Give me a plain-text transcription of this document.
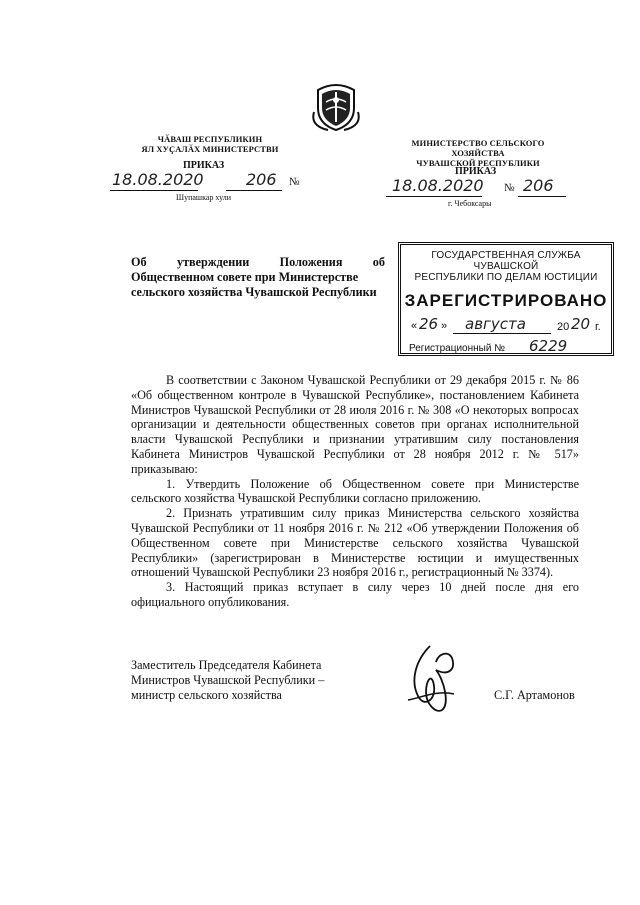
ЧӐВАШ РЕСПУБЛИКИН
ЯЛ ХУҪАЛӐХ МИНИСТЕРСТВИ
МИНИСТЕРСТВО СЕЛЬСКОГО ХОЗЯЙСТВА
ЧУВАШСКОЙ РЕСПУБЛИКИ
ПРИКАЗ
ПРИКАЗ
18.08.2020	206 №
Шупашкар хули
18.08.2020 № 206
г. Чебоксары
Об утверждении Положения об
Общественном совете при Министерстве
сельского хозяйства Чувашской Республики
ГОСУДАРСТВЕННАЯ СЛУЖБА ЧУВАШСКОЙ
РЕСПУБЛИКИ ПО ДЕЛАМ ЮСТИЦИИ
ЗАРЕГИСТРИРОВАНО
« 26 » августа	20 20 г.
Регистрационный № 6229

В соответствии с Законом Чувашской Республики от 29 декабря 2015 г. № 86 «Об общественном контроле в Чувашской Республике», постановлением Кабинета Министров Чувашской Республики от 28 июля 2016 г. № 308 «О некоторых вопросах организации и деятельности общественных советов при органах исполнительной власти Чувашской Республики и признании утратившим силу постановления Кабинета Министров Чувашской Республики от 28 ноября 2012 г. № 517» приказываю:

1. Утвердить Положение об Общественном совете при Министерстве сельского хозяйства Чувашской Республики согласно приложению.

2. Признать утратившим силу приказ Министерства сельского хозяйства Чувашской Республики от 11 ноября 2016 г. № 212 «Об утверждении Положения об Общественном совете при Министерстве сельского хозяйства Чувашской Республики» (зарегистрирован в Министерстве юстиции и имущественных отношений Чувашской Республики 23 ноября 2016 г., регистрационный № 3374).

3. Настоящий приказ вступает в силу через 10 дней после дня его официального опубликования.

Заместитель Председателя Кабинета
Министров Чувашской Республики –
министр сельского хозяйства	С.Г. Артамонов
